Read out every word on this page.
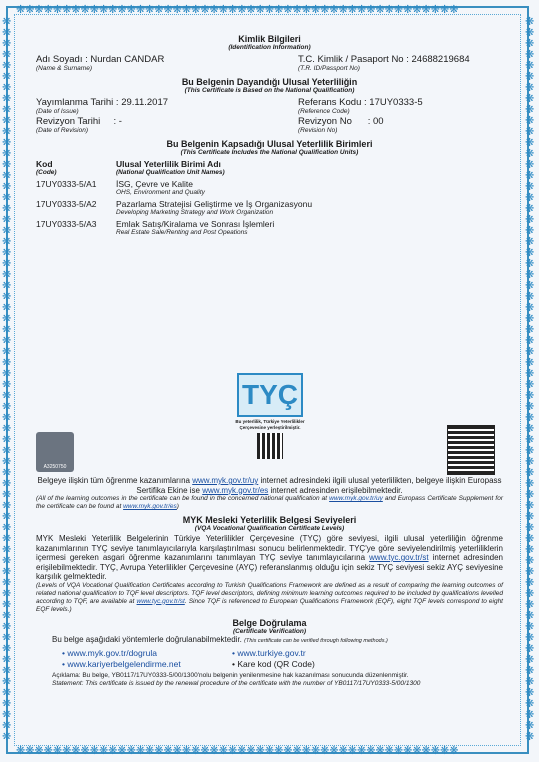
❋❋❋❋❋❋❋❋❋❋❋❋❋❋❋❋❋❋❋❋❋❋❋❋❋❋❋❋❋❋❋❋❋❋❋❋❋❋❋❋❋❋❋❋❋❋❋❋
❋❋❋❋❋❋❋❋❋❋❋❋❋❋❋❋❋❋❋❋❋❋❋❋❋❋❋❋❋❋❋❋❋❋❋❋❋❋❋❋❋❋❋❋❋❋❋❋
❋❋❋❋❋❋❋❋❋❋❋❋❋❋❋❋❋❋❋❋❋❋❋❋❋❋❋❋❋❋❋❋❋❋❋❋❋❋❋❋❋❋❋❋❋❋❋❋❋❋❋❋❋❋❋❋❋❋❋❋❋❋❋❋❋❋
❋❋❋❋❋❋❋❋❋❋❋❋❋❋❋❋❋❋❋❋❋❋❋❋❋❋❋❋❋❋❋❋❋❋❋❋❋❋❋❋❋❋❋❋❋❋❋❋❋❋❋❋❋❋❋❋❋❋❋❋❋❋❋❋❋❋
Kimlik Bilgileri
(Identification Information)
Adı Soyadı : Nurdan CANDAR
(Name & Surname)
T.C. Kimlik / Pasaport No : 24688219684
(T.R. ID/Passport No)
Bu Belgenin Dayandığı Ulusal Yeterliliğin
(This Certificate is Based on the National Qualification)
Yayımlanma Tarihi : 29.11.2017
(Date of Issue)
Revizyon Tarihi : -
(Date of Revision)
Referans Kodu : 17UY0333-5
(Reference Code)
Revizyon No : 00
(Revision No)
Bu Belgenin Kapsadığı Ulusal Yeterlilik Birimleri
(This Certificate Includes the National Qualification Units)
Kod
(Code)
Ulusal Yeterlilik Birimi Adı
(National Qualification Unit Names)
17UY0333-5/A1	İSG, Çevre ve Kalite
OHS, Environment and Quality
17UY0333-5/A2	Pazarlama Stratejisi Geliştirme ve İş Organizasyonu
Developing Marketing Strategy and Work Organization
17UY0333-5/A3	Emlak Satış/Kiralama ve Sonrası İşlemleri
Real Estate Sale/Renting and Post Opeations
TYÇ
Bu yeterlilik, Türkiye Yeterlilikler Çerçevesine yerleştirilmiştir.
A3250750
Belgeye ilişkin tüm öğrenme kazanımlarına www.myk.gov.tr/uy internet adresindeki ilgili ulusal yeterlilikten, belgeye ilişkin Europass Sertifika Ekine ise www.myk.gov.tr/es internet adresinden erişilebilmektedir.
(All of the learning outcomes in the certificate can be found in the concerned national qualification at www.myk.gov.tr/uy and Europass Certificate Supplement for the certificate can be found at www.myk.gov.tr/es)
MYK Mesleki Yeterlilik Belgesi Seviyeleri
(VQA Vocational Qualification Certificate Levels)
MYK Mesleki Yeterlilik Belgelerinin Türkiye Yeterlilikler Çerçevesine (TYÇ) göre seviyesi, ilgili ulusal yeterliliğin öğrenme kazanımlarının TYÇ seviye tanımlayıcılarıyla karşılaştırılması sonucu belirlenmektedir. TYÇ'ye göre seviyelendirilmiş yeterliliklerin içermesi gereken asgari öğrenme kazanımlarını tanımlayan TYÇ seviye tanımlayıcılarına www.tyc.gov.tr/st internet adresinden erişilebilmektedir. TYÇ, Avrupa Yeterlilikler Çerçevesine (AYÇ) referanslanmış olduğu için sekiz TYÇ seviyesi sekiz AYÇ seviyesine karşılık gelmektedir.
(Levels of VQA Vocational Qualification Certificates according to Turkish Qualifications Framework are defined as a result of comparing the learning outcomes of related national qualification to TQF level descriptors. TQF level descriptors, defining minimum learning outcomes required to be included by qualifications levelled according to TQF, are available at www.tyc.gov.tr/st. Since TQF is referenced to European Qualifications Framework (EQF), eight TQF levels correspond to eight EQF levels.)
Belge Doğrulama
(Certificate Verification)
Bu belge aşağıdaki yöntemlerle doğrulanabilmektedir. (This certificate can be verified through following methods.)
• www.myk.gov.tr/dogrula	• www.turkiye.gov.tr
• www.kariyerbelgelendirme.net	• Kare kod (QR Code)
Açıklama: Bu belge, YB0117/17UY0333-5/00/1300'nolu belgenin yenilenmesine hak kazanılması sonucunda düzenlenmiştir.
Statement: This certificate is issued by the renewal procedure of the certificate with the number of YB0117/17UY0333-5/00/1300
